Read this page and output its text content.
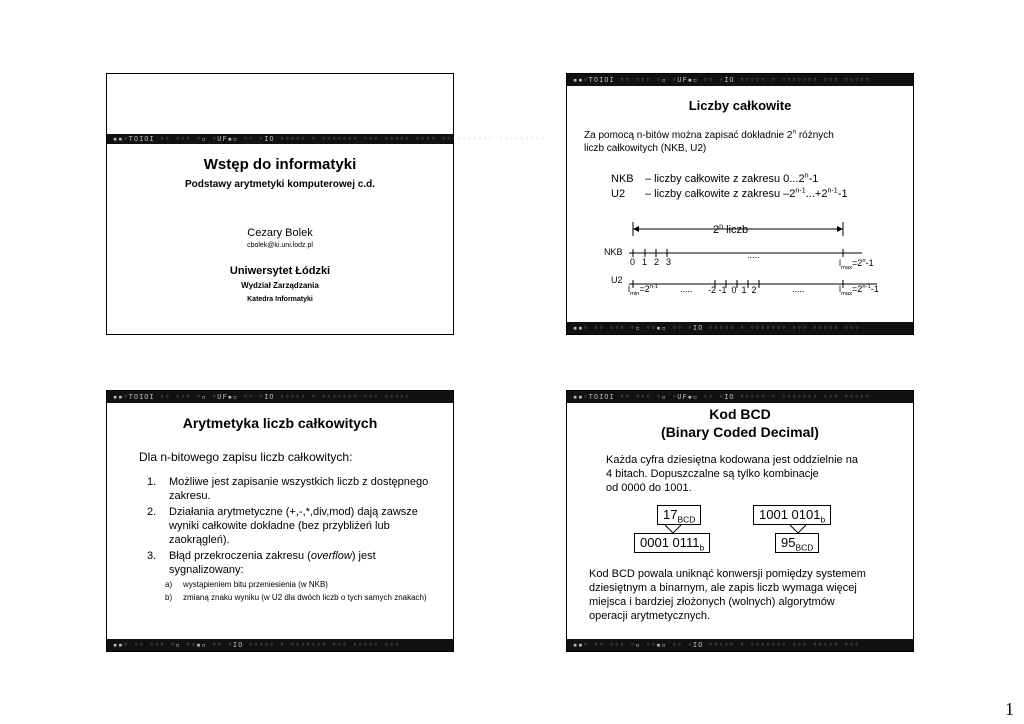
▪▪◦TOIOI ◦◦ ◦◦◦ ◦▫ ◦UF▪▫ ◦◦ ◦IO ◦◦◦◦◦ ◦ ◦◦◦◦◦◦◦ ◦◦◦ ◦◦◦◦◦ ◦◦◦◦ ◦◦◦◦◦◦◦◦◦◦ ◦◦◦◦◦◦◦◦◦
Wstęp do informatyki
Podstawy arytmetyki komputerowej c.d.
Cezary Bolek
cbolek@ki.uni.lodz.pl
Uniwersytet Łódzki
Wydział Zarządzania
Katedra Informatyki
▪▪◦TOIOI ◦◦ ◦◦◦ ◦▫ ◦UF▪▫ ◦◦ ◦IO ◦◦◦◦◦ ◦ ◦◦◦◦◦◦◦ ◦◦◦ ◦◦◦◦◦
Liczby całkowite
Za pomocą n-bitów można zapisać dokładnie 2$^n$ różnych
liczb całkowitych (NKB, U2)
NKB – liczby całkowite z zakresu 0...2$^n$-1
U2 – liczby całkowite z zakresu $-2^{n-1}...+2^{n-1}-1$
2$^n$ liczb
NKB
0  1  2  3
.....
$l_{max}=2^n-1$
U2
$l_{min}=2^{n-1}$ ..... -2 -1  0  1  2	.....	$l_{max}=2^{n-1}-1$
▪▪◦ ◦◦ ◦◦◦ ◦▫ ◦◦▪▫ ◦◦ ◦IO ◦◦◦◦◦ ◦ ◦◦◦◦◦◦◦ ◦◦◦ ◦◦◦◦◦ ◦◦◦
▪▪◦TOIOI ◦◦ ◦◦◦ ◦▫ ◦UF▪▫ ◦◦ ◦IO ◦◦◦◦◦ ◦ ◦◦◦◦◦◦◦ ◦◦◦ ◦◦◦◦◦
Arytmetyka liczb całkowitych
Dla n-bitowego zapisu liczb całkowitych:
1. Możliwe jest zapisanie wszystkich liczb z dostępnego zakresu.
2. Działania arytmetyczne (+,-,*,div,mod) dają zawsze wyniki całkowite dokładne (bez przybliżeń lub zaokrągleń).
3. Błąd przekroczenia zakresu (overflow) jest sygnalizowany:
a) wystąpieniem bitu przeniesienia (w NKB)
b) zmianą znaku wyniku (w U2 dla dwóch liczb o tych samych znakach)
▪▪◦ ◦◦ ◦◦◦ ◦▫ ◦◦▪▫ ◦◦ ◦IO ◦◦◦◦◦ ◦ ◦◦◦◦◦◦◦ ◦◦◦ ◦◦◦◦◦ ◦◦◦
▪▪◦TOIOI ◦◦ ◦◦◦ ◦▫ ◦UF▪▫ ◦◦ ◦IO ◦◦◦◦◦ ◦ ◦◦◦◦◦◦◦ ◦◦◦ ◦◦◦◦◦
Kod BCD
(Binary Coded Decimal)
Każda cyfra dziesiętna kodowana jest oddzielnie na
4 bitach. Dopuszczalne są tylko kombinacje
od 0000 do 1001.
$17_{BCD}$	1001 $0101_b$
0001 $0111_b$	$95_{BCD}$
Kod BCD powala uniknąć konwersji pomiędzy systemem
dziesiętnym a binarnym, ale zapis liczb wymaga więcej
miejsca i bardziej złożonych (wolnych) algorytmów
operacji arytmetycznych.
▪▪◦ ◦◦ ◦◦◦ ◦▫ ◦◦▪▫ ◦◦ ◦IO ◦◦◦◦◦ ◦ ◦◦◦◦◦◦◦ ◦◦◦ ◦◦◦◦◦ ◦◦◦
1
